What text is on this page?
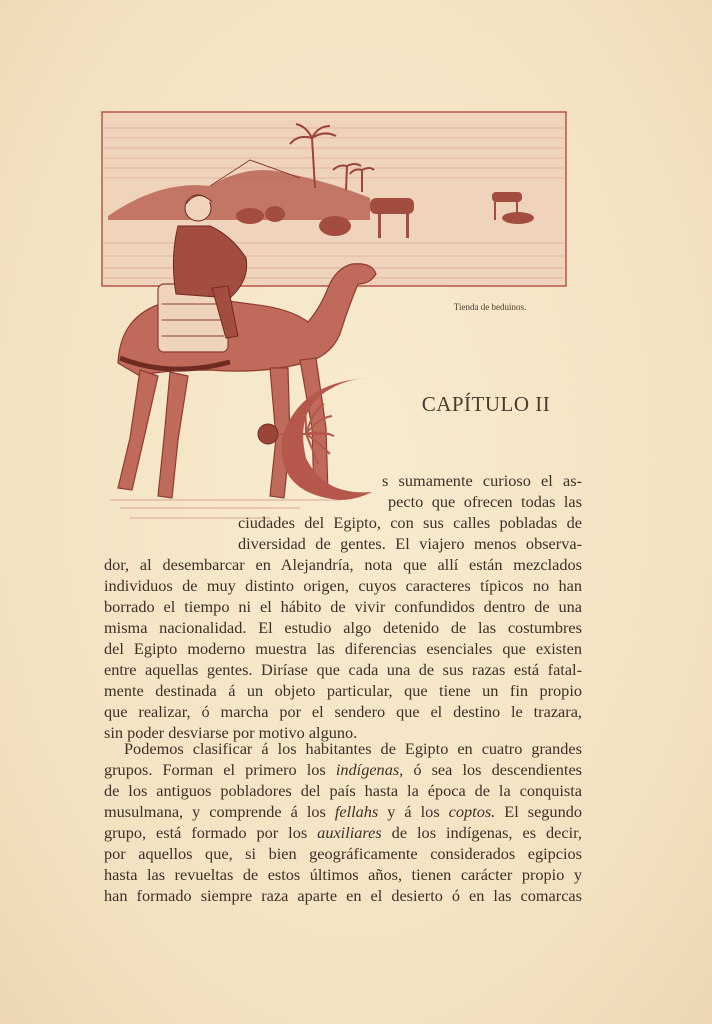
Tienda de beduinos.
CAPÍTULO II
s sumamente curioso el as-
pecto que ofrecen todas las
ciudades del Egipto, con sus calles pobladas de
diversidad de gentes. El viajero menos observa-
dor, al desembarcar en Alejandría, nota que allí están mezclados
individuos de muy distinto origen, cuyos caracteres típicos no han
borrado el tiempo ni el hábito de vivir confundidos dentro de una
misma nacionalidad. El estudio algo detenido de las costumbres
del Egipto moderno muestra las diferencias esenciales que existen
entre aquellas gentes. Diríase que cada una de sus razas está fatal-
mente destinada á un objeto particular, que tiene un fin propio
que realizar, ó marcha por el sendero que el destino le trazara,
sin poder desviarse por motivo alguno.
Podemos clasificar á los habitantes de Egipto en cuatro grandes
grupos. Forman el primero los indígenas, ó sea los descendientes
de los antiguos pobladores del país hasta la época de la conquista
musulmana, y comprende á los fellahs y á los coptos. El segundo
grupo, está formado por los auxiliares de los indígenas, es decir,
por aquellos que, si bien geográficamente considerados egipcios
hasta las revueltas de estos últimos años, tienen carácter propio y
han formado siempre raza aparte en el desierto ó en las comarcas
